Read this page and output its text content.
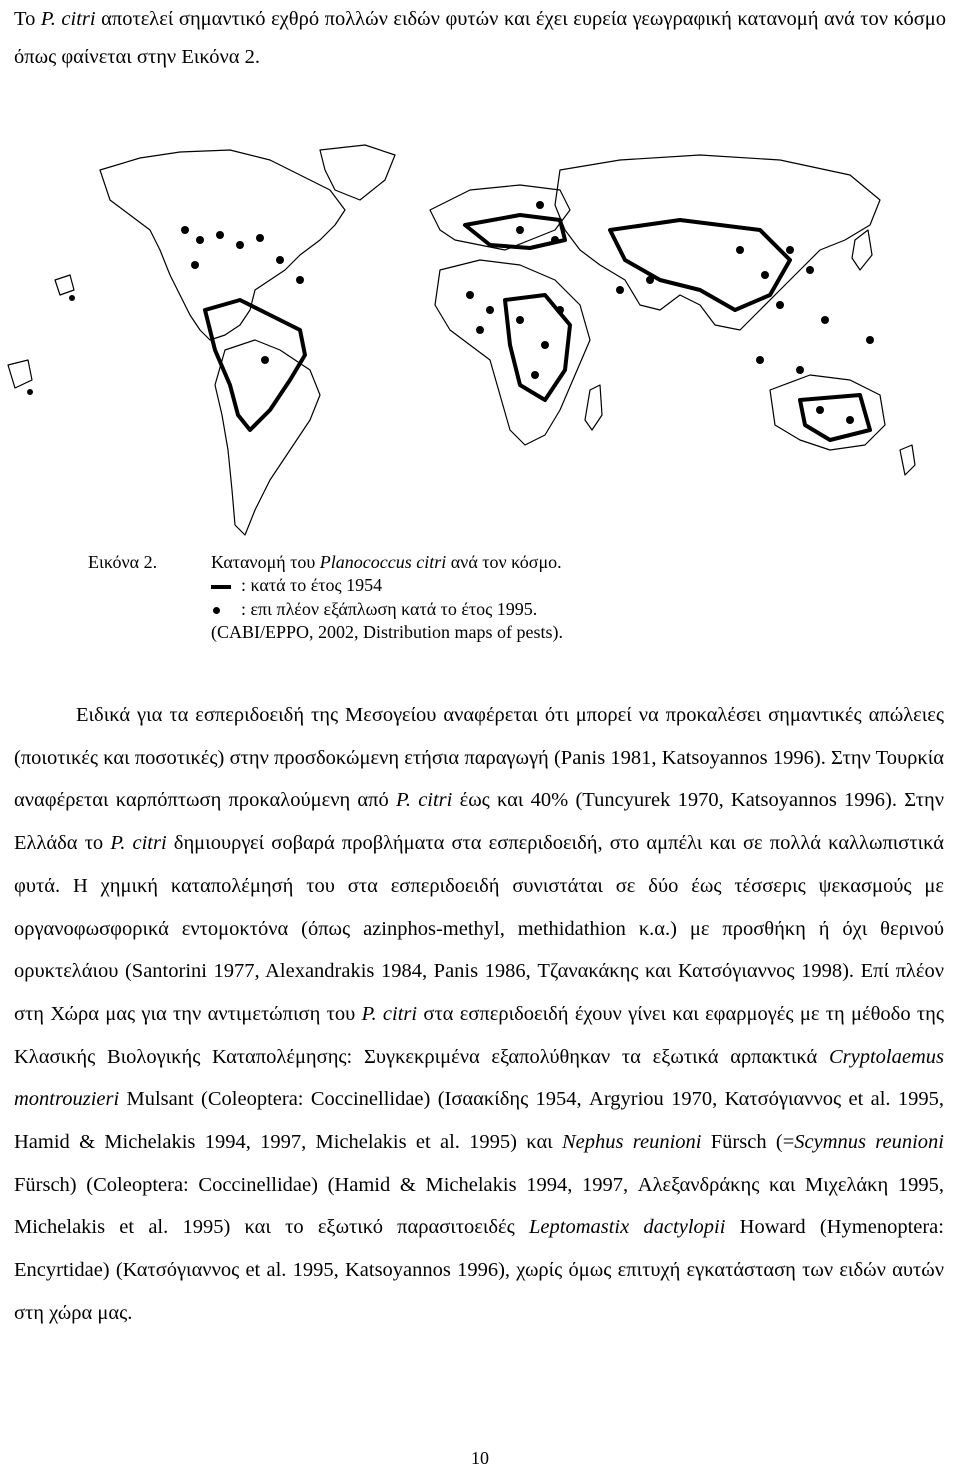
Το P. citri αποτελεί σημαντικό εχθρό πολλών ειδών φυτών και έχει ευρεία γεωγραφική κατανομή ανά τον κόσμο όπως φαίνεται στην Εικόνα 2.

Εικόνα 2.	Κατανομή του Planococcus citri ανά τον κόσμο.
: κατά το έτος 1954
: επι πλέον εξάπλωση κατά το έτος 1995.
(CABI/EPPO, 2002, Distribution maps of pests).

Ειδικά για τα εσπεριδοειδή της Μεσογείου αναφέρεται ότι μπορεί να προκαλέσει σημαντικές απώλειες (ποιοτικές και ποσοτικές) στην προσδοκώμενη ετήσια παραγωγή (Panis 1981, Katsoyannos 1996). Στην Τουρκία αναφέρεται καρπόπτωση προκαλούμενη από P. citri έως και 40% (Tuncyurek 1970, Katsoyannos 1996). Στην Ελλάδα το P. citri δημιουργεί σοβαρά προβλήματα στα εσπεριδοειδή, στο αμπέλι και σε πολλά καλλωπιστικά φυτά. Η χημική καταπολέμησή του στα εσπεριδοειδή συνιστάται σε δύο έως τέσσερις ψεκασμούς με οργανοφωσφορικά εντομοκτόνα (όπως azinphos-methyl, methidathion κ.α.) με προσθήκη ή όχι θερινού ορυκτελάιου (Santorini 1977, Alexandrakis 1984, Panis 1986, Τζανακάκης και Κατσόγιαννος 1998). Επί πλέον στη Χώρα μας για την αντιμετώπιση του P. citri στα εσπεριδοειδή έχουν γίνει και εφαρμογές με τη μέθοδο της Κλασικής Βιολογικής Καταπολέμησης: Συγκεκριμένα εξαπολύθηκαν τα εξωτικά αρπακτικά Cryptolaemus montrouzieri Mulsant (Coleoptera: Coccinellidae) (Ισαακίδης 1954, Argyriou 1970, Κατσόγιαννος et al. 1995, Hamid & Michelakis 1994, 1997, Michelakis et al. 1995) και Nephus reunioni Fürsch (=Scymnus reunioni Fürsch) (Coleoptera: Coccinellidae) (Hamid & Michelakis 1994, 1997, Αλεξανδράκης και Μιχελάκη 1995, Michelakis et al. 1995) και το εξωτικό παρασιτοειδές Leptomastix dactylopii Howard (Hymenoptera: Encyrtidae) (Κατσόγιαννος et al. 1995, Katsoyannos 1996), χωρίς όμως επιτυχή εγκατάσταση των ειδών αυτών στη χώρα μας.

10
